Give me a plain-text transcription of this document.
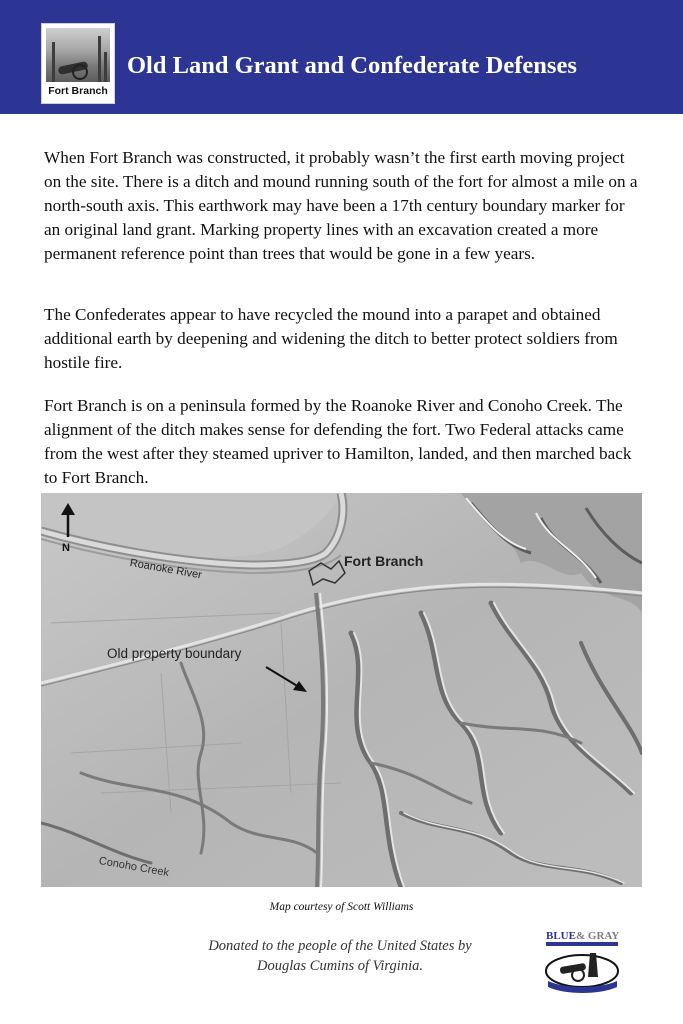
Fort Branch
Old Land Grant and Confederate Defenses

When Fort Branch was constructed, it probably wasn’t the first earth moving project on the site. There is a ditch and mound running south of the fort for almost a mile on a north-south axis. This earthwork may have been a 17th century boundary marker for an original land grant. Marking property lines with an excavation created a more permanent reference point than trees that would be gone in a few years.

The Confederates appear to have recycled the mound into a parapet and obtained additional earth by deepening and widening the ditch to better protect soldiers from hostile fire.

Fort Branch is on a peninsula formed by the Roanoke River and Conoho Creek. The alignment of the ditch makes sense for defending the fort. Two Federal attacks came from the west after they steamed upriver to Hamilton, landed, and then marched back to Fort Branch.

N
Roanoke River	Fort Branch
Old property boundary
Conoho Creek
Map courtesy of Scott Williams
Donated to the people of the United States by
Douglas Cumins of Virginia.
BLUE & GRAY
